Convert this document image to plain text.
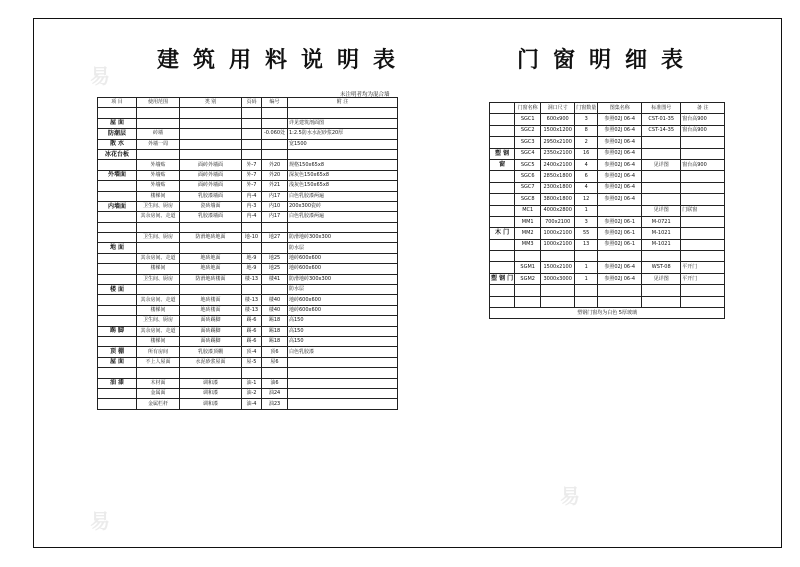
建筑用料说明表
未注明者均为混合墙
项 目	使用范围	类 别	页码	编号	附 注

屋 面					详见建筑剖面图
防潮层	砖墙			-0.060处	1:2.5防水水泥砂浆20厚
散 水	外墙一周				宽1500
冰花台板					
	外墙贴	面砖外墙面	外-7	外20	规格150x65x8
外墙面	外墙贴	面砖外墙面	外-7	外20	深灰色150x65x8
	外墙贴	面砖外墙面	外-7	外21	浅灰色150x65x8
	楼梯间	乳胶漆墙面	内-4	内17	白色乳胶漆两遍
内墙面	卫生间、厨房	瓷砖墙面	内-3	内10	200x300瓷砖
	其余房间、走道	乳胶漆墙面	内-4	内17	白色乳胶漆两遍

	卫生间、厨房	防滑地砖地面	地-10	地27	防滑地砖300x300
地 面					防水层
	其余房间、走道	地砖地面	地-9	地25	地砖600x600
	楼梯间	地砖地面	地-9	地25	地砖600x600
	卫生间、厨房	防滑地砖楼面	楼-13	楼41	防滑地砖300x300
楼 面					防水层
	其余房间、走道	地砖楼面	楼-13	楼40	地砖600x600
	楼梯间	地砖楼面	楼-13	楼40	地砖600x600
	卫生间、厨房	面砖踢脚	踢-6	踢18	高150
踢 脚	其余房间、走道	面砖踢脚	踢-6	踢18	高150
	楼梯间	面砖踢脚	踢-6	踢18	高150
顶 棚	所有房间	乳胶漆顶棚	顶-4	顶6	白色乳胶漆
屋 面	不上人屋面	水泥砂浆屋面	屋-5	屋6	

油 漆	木材面	调和漆	油-1	油6	
	金属面	调和漆	油-2	油24	
	金属栏杆	调和漆	油-4	油23	
门窗明细表
	门窗名称	洞口尺寸	门窗数量	图集名称	标准图号	备 注
	SGC1	600x900	3	参照02J 06-4	CST-01-35	窗台高900
	SGC2	1500x1200	8	参照02J 06-4	CST-14-35	窗台高900
	SGC3	2950x2100	2	参照02J 06-4		
塑 钢	SGC4	2350x2100	16	参照02J 06-4		
窗	SGC5	2400x2100	4	参照02J 06-4	见详图	窗台高900
	SGC6	2850x1800	6	参照02J 06-4		
	SGC7	2300x1800	4	参照02J 06-4		
	SGC8	3800x1800	12	参照02J 06-4		
	MC1	4000x2800	1		见详图	门联窗
	MM1	700x2100	3	参照02J 06-1	M-0721	
木 门	MM2	1000x2100	55	参照02J 06-1	M-1021	
	MM3	1000x2100	13	参照02J 06-1	M-1021	

	SGM1	1500x2100	1	参照02J 06-4	WST-08	平开门
塑 钢 门	SGM2	3000x3000	1	参照02J 06-4	见详图	平开门

塑钢门窗均为白色 5厚玻璃						
易
易
易
